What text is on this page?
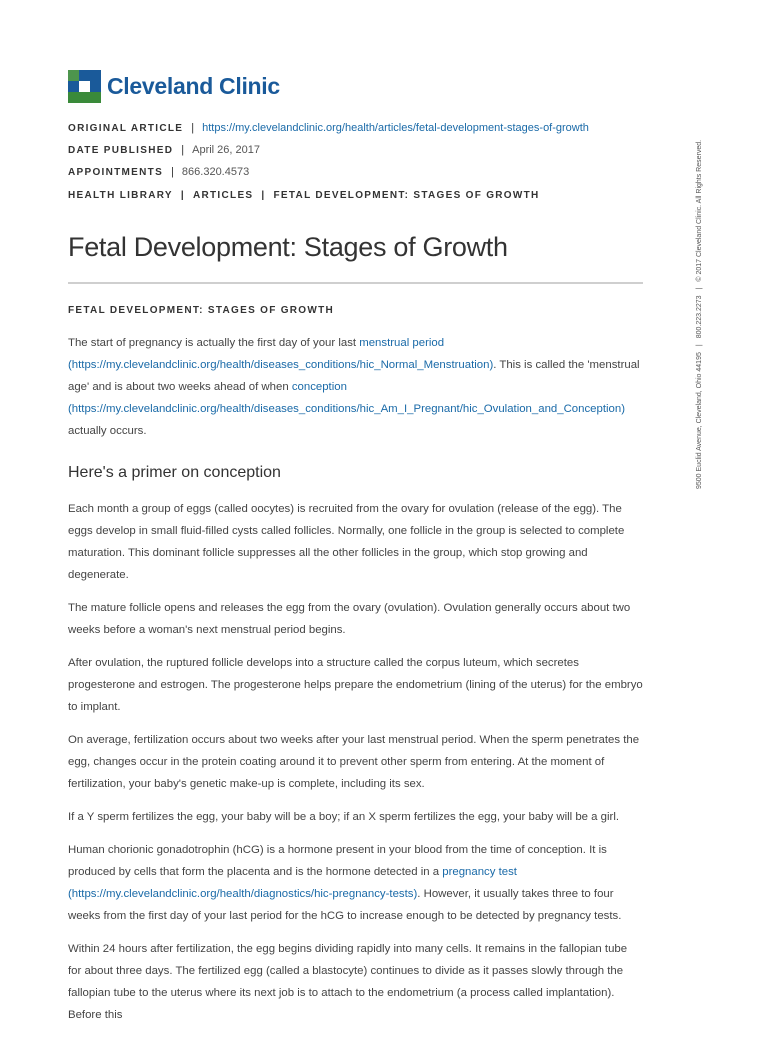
Cleveland Clinic
ORIGINAL ARTICLE | https://my.clevelandclinic.org/health/articles/fetal-development-stages-of-growth
DATE PUBLISHED | April 26, 2017
APPOINTMENTS | 866.320.4573
HEALTH LIBRARY | ARTICLES | FETAL DEVELOPMENT: STAGES OF GROWTH
Fetal Development: Stages of Growth
FETAL DEVELOPMENT: STAGES OF GROWTH

The start of pregnancy is actually the first day of your last menstrual period (https://my.clevelandclinic.org/health/diseases_conditions/hic_Normal_Menstruation). This is called the 'menstrual age' and is about two weeks ahead of when conception (https://my.clevelandclinic.org/health/diseases_conditions/hic_Am_I_Pregnant/hic_Ovulation_and_Conception) actually occurs.

Here's a primer on conception

Each month a group of eggs (called oocytes) is recruited from the ovary for ovulation (release of the egg). The eggs develop in small fluid-filled cysts called follicles. Normally, one follicle in the group is selected to complete maturation. This dominant follicle suppresses all the other follicles in the group, which stop growing and degenerate.

The mature follicle opens and releases the egg from the ovary (ovulation). Ovulation generally occurs about two weeks before a woman's next menstrual period begins.

After ovulation, the ruptured follicle develops into a structure called the corpus luteum, which secretes progesterone and estrogen. The progesterone helps prepare the endometrium (lining of the uterus) for the embryo to implant.

On average, fertilization occurs about two weeks after your last menstrual period. When the sperm penetrates the egg, changes occur in the protein coating around it to prevent other sperm from entering. At the moment of fertilization, your baby's genetic make-up is complete, including its sex.

If a Y sperm fertilizes the egg, your baby will be a boy; if an X sperm fertilizes the egg, your baby will be a girl.

Human chorionic gonadotrophin (hCG) is a hormone present in your blood from the time of conception. It is produced by cells that form the placenta and is the hormone detected in a pregnancy test (https://my.clevelandclinic.org/health/diagnostics/hic-pregnancy-tests). However, it usually takes three to four weeks from the first day of your last period for the hCG to increase enough to be detected by pregnancy tests.

Within 24 hours after fertilization, the egg begins dividing rapidly into many cells. It remains in the fallopian tube for about three days. The fertilized egg (called a blastocyte) continues to divide as it passes slowly through the fallopian tube to the uterus where its next job is to attach to the endometrium (a process called implantation). Before this

9500 Euclid Avenue, Cleveland, Ohio 44195|800.223.2273|© 2017 Cleveland Clinic. All Rights Reserved.
